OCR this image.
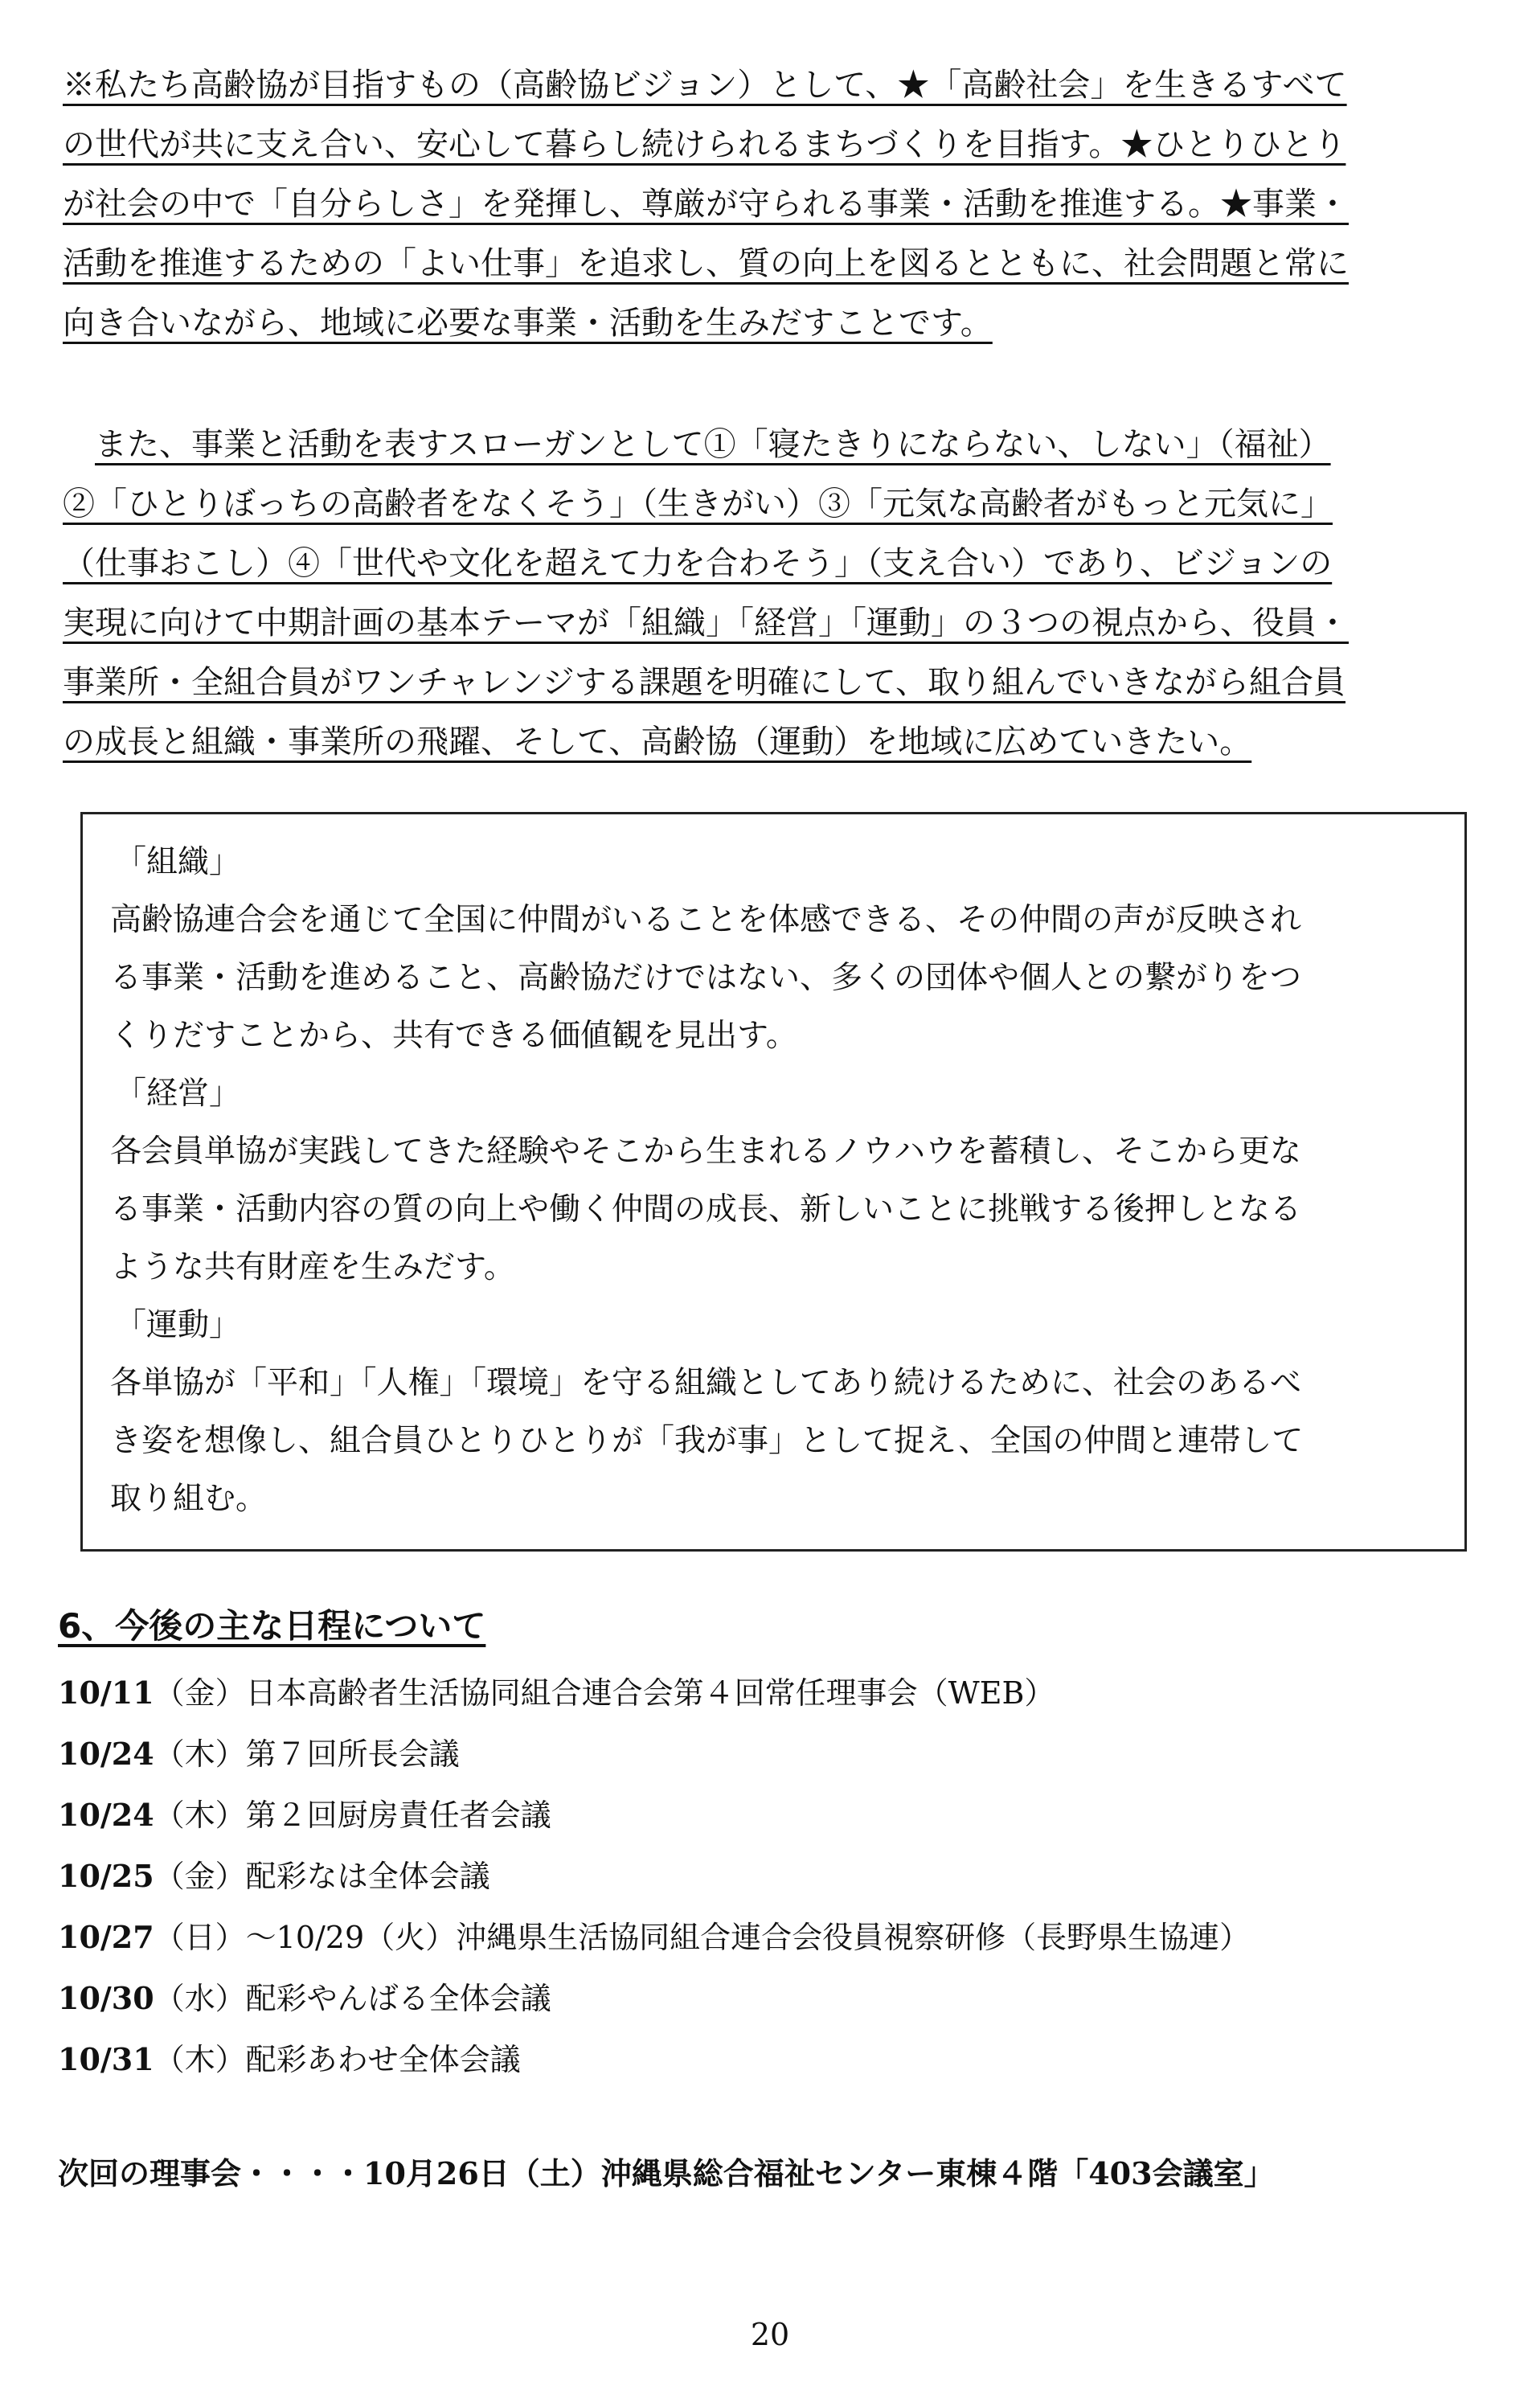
※私たち高齢協が目指すもの（高齢協ビジョン）として、★「高齢社会」を生きるすべて
の世代が共に支え合い、安心して暮らし続けられるまちづくりを目指す。★ひとりひとり
が社会の中で「自分らしさ」を発揮し、尊厳が守られる事業・活動を推進する。★事業・
活動を推進するための「よい仕事」を追求し、質の向上を図るとともに、社会問題と常に
向き合いながら、地域に必要な事業・活動を生みだすことです。
また、事業と活動を表すスローガンとして①「寝たきりにならない、しない」（福祉）
②「ひとりぼっちの高齢者をなくそう」（生きがい）③「元気な高齢者がもっと元気に」
（仕事おこし）④「世代や文化を超えて力を合わそう」（支え合い）であり、ビジョンの
実現に向けて中期計画の基本テーマが「組織」「経営」「運動」の３つの視点から、役員・
事業所・全組合員がワンチャレンジする課題を明確にして、取り組んでいきながら組合員
の成長と組織・事業所の飛躍、そして、高齢協（運動）を地域に広めていきたい。
「組織」
高齢協連合会を通じて全国に仲間がいることを体感できる、その仲間の声が反映され
る事業・活動を進めること、高齢協だけではない、多くの団体や個人との繋がりをつ
くりだすことから、共有できる価値観を見出す。
「経営」
各会員単協が実践してきた経験やそこから生まれるノウハウを蓄積し、そこから更な
る事業・活動内容の質の向上や働く仲間の成長、新しいことに挑戦する後押しとなる
ような共有財産を生みだす。
「運動」
各単協が「平和」「人権」「環境」を守る組織としてあり続けるために、社会のあるべ
き姿を想像し、組合員ひとりひとりが「我が事」として捉え、全国の仲間と連帯して
取り組む。
6、今後の主な日程について
10/11（金）日本高齢者生活協同組合連合会第４回常任理事会（WEB）
10/24（木）第７回所長会議
10/24（木）第２回厨房責任者会議
10/25（金）配彩なは全体会議
10/27（日）～10/29（火）沖縄県生活協同組合連合会役員視察研修（長野県生協連）
10/30（水）配彩やんばる全体会議
10/31（木）配彩あわせ全体会議
次回の理事会・・・・10月26日（土）沖縄県総合福祉センター東棟４階「403会議室」
20
